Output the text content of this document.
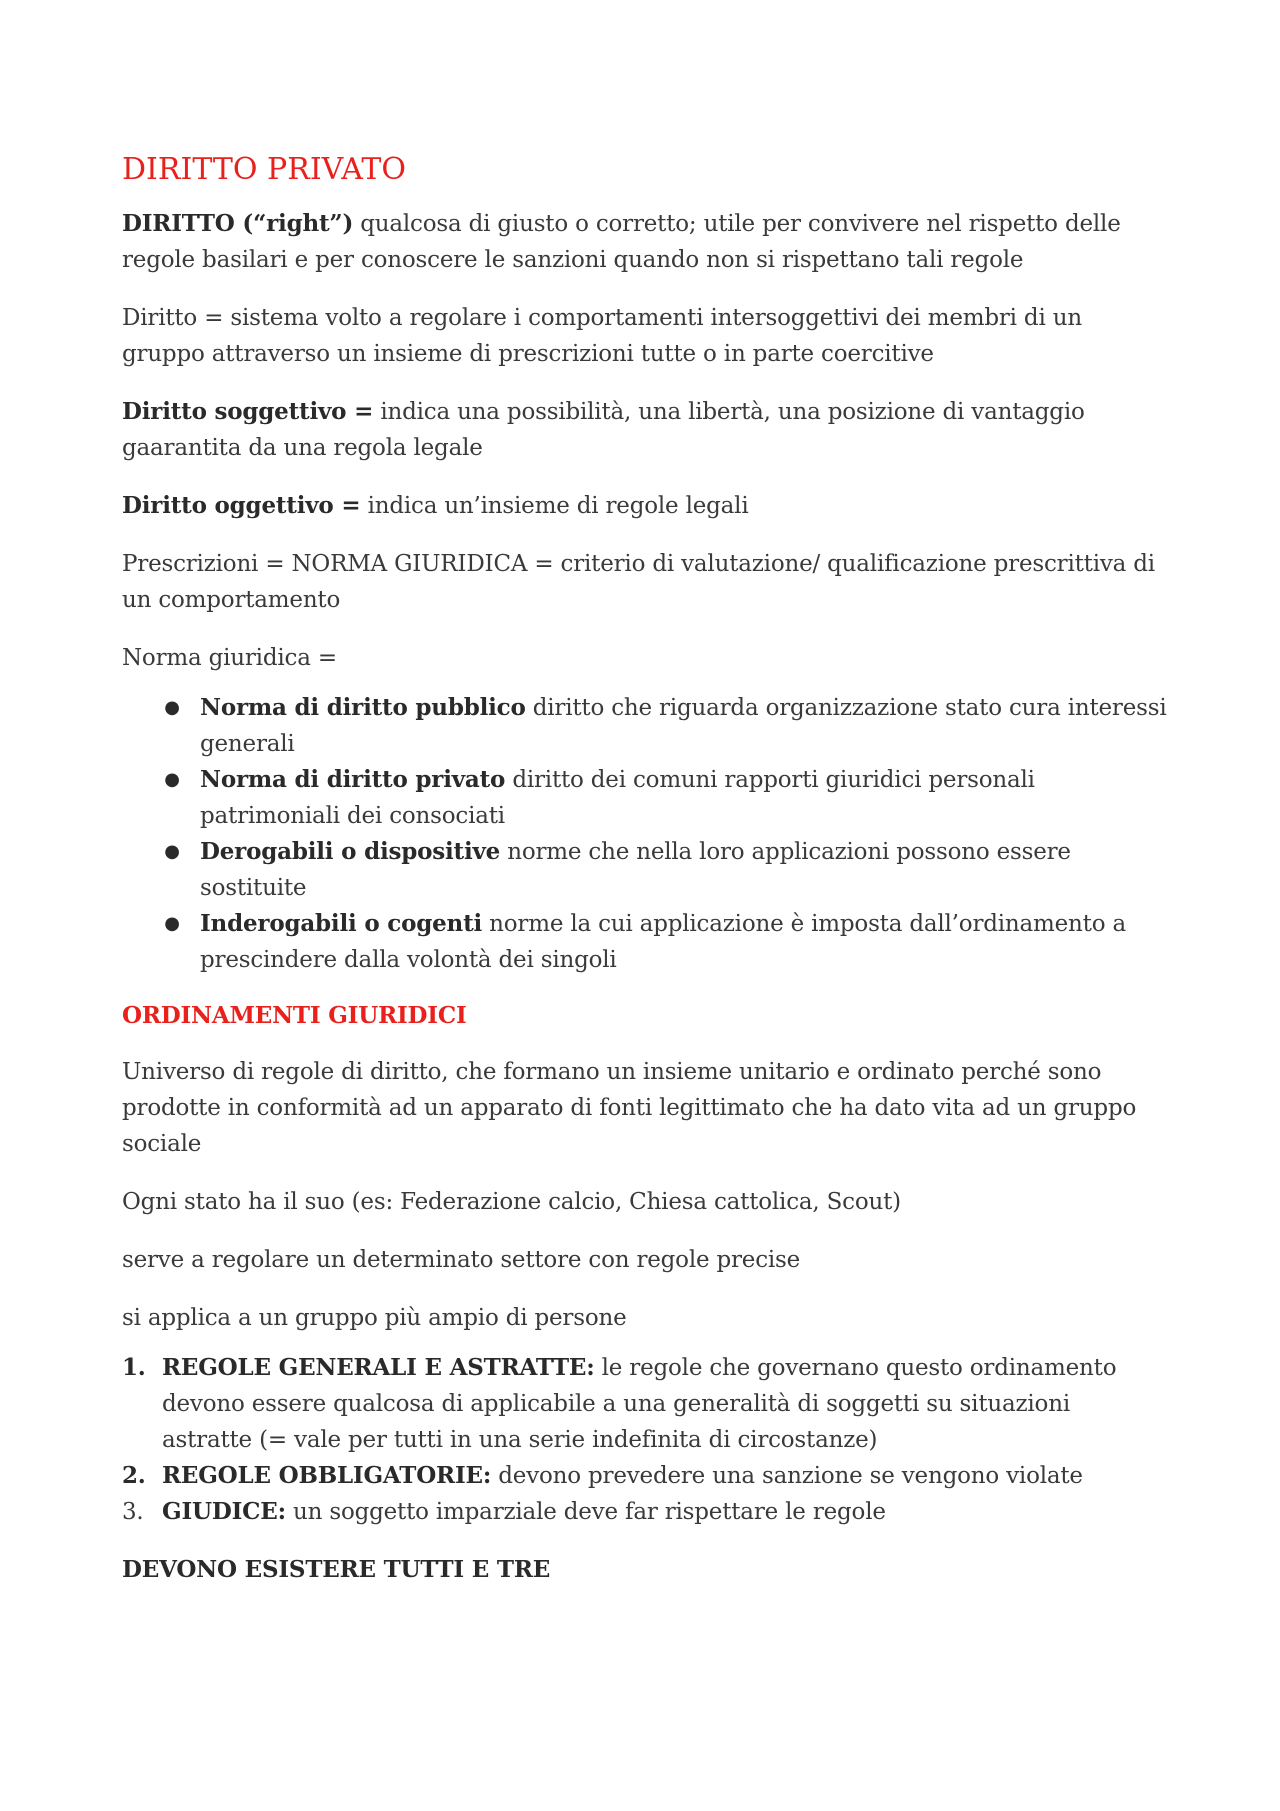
DIRITTO PRIVATO

DIRITTO (“right”) qualcosa di giusto o corretto; utile per convivere nel rispetto delle regole basilari e per conoscere le sanzioni quando non si rispettano tali regole

Diritto = sistema volto a regolare i comportamenti intersoggettivi dei membri di un gruppo attraverso un insieme di prescrizioni tutte o in parte coercitive

Diritto soggettivo = indica una possibilità, una libertà, una posizione di vantaggio gaarantita da una regola legale

Diritto oggettivo = indica un’insieme di regole legali

Prescrizioni = NORMA GIURIDICA = criterio di valutazione/ qualificazione prescrittiva di un comportamento

Norma giuridica =

● Norma di diritto pubblico diritto che riguarda organizzazione stato cura interessi generali
● Norma di diritto privato diritto dei comuni rapporti giuridici personali patrimoniali dei consociati
● Derogabili o dispositive norme che nella loro applicazioni possono essere sostituite
● Inderogabili o cogenti norme la cui applicazione è imposta dall’ordinamento a prescindere dalla volontà dei singoli
ORDINAMENTI GIURIDICI

Universo di regole di diritto, che formano un insieme unitario e ordinato perché sono prodotte in conformità ad un apparato di fonti legittimato che ha dato vita ad un gruppo sociale

Ogni stato ha il suo (es: Federazione calcio, Chiesa cattolica, Scout)

serve a regolare un determinato settore con regole precise

si applica a un gruppo più ampio di persone

1. REGOLE GENERALI E ASTRATTE: le regole che governano questo ordinamento devono essere qualcosa di applicabile a una generalità di soggetti su situazioni astratte (= vale per tutti in una serie indefinita di circostanze)
2. REGOLE OBBLIGATORIE: devono prevedere una sanzione se vengono violate
3. GIUDICE: un soggetto imparziale deve far rispettare le regole

DEVONO ESISTERE TUTTI E TRE
